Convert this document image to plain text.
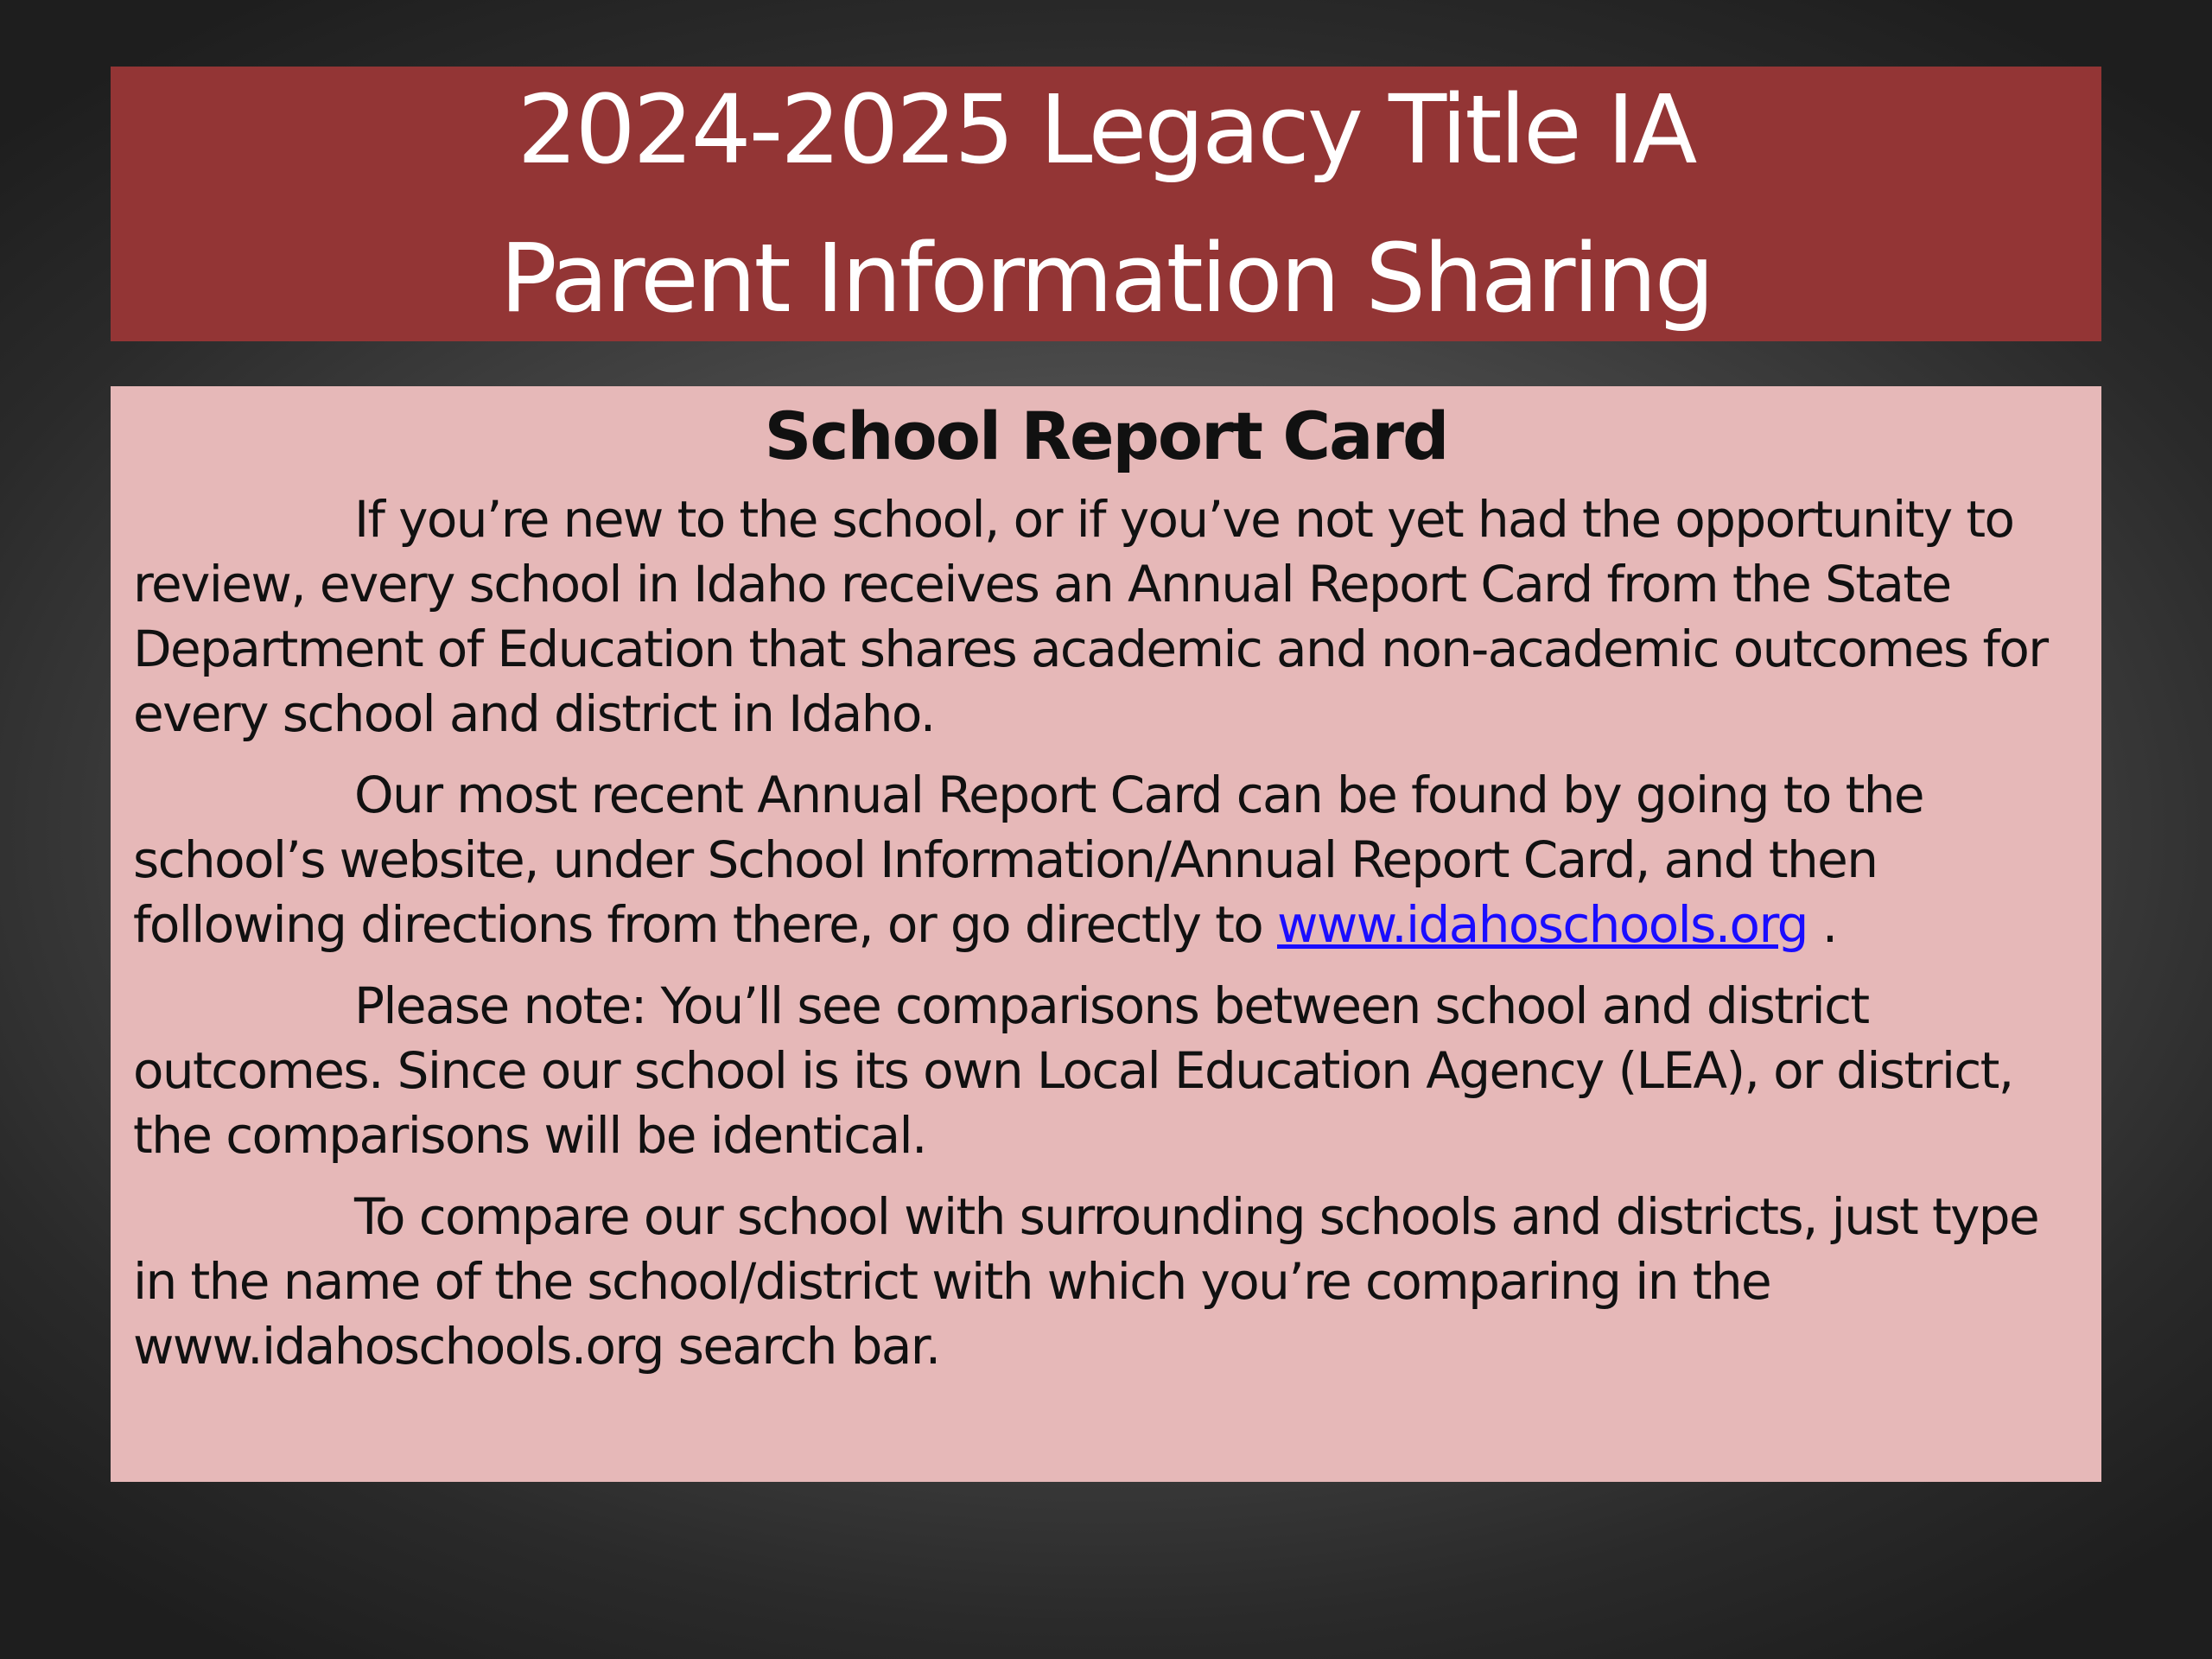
2024-2025 Legacy Title IA
Parent Information Sharing
School Report Card

If you’re new to the school, or if you’ve not yet had the opportunity to review, every school in Idaho receives an Annual Report Card from the State Department of Education that shares academic and non-academic outcomes for every school and district in Idaho.

Our most recent Annual Report Card can be found by going to the school’s website, under School Information/Annual Report Card, and then following directions from there, or go directly to www.idahoschools.org .

Please note: You’ll see comparisons between school and district outcomes. Since our school is its own Local Education Agency (LEA), or district, the comparisons will be identical.

To compare our school with surrounding schools and districts, just type in the name of the school/district with which you’re comparing in the www.idahoschools.org search bar.
